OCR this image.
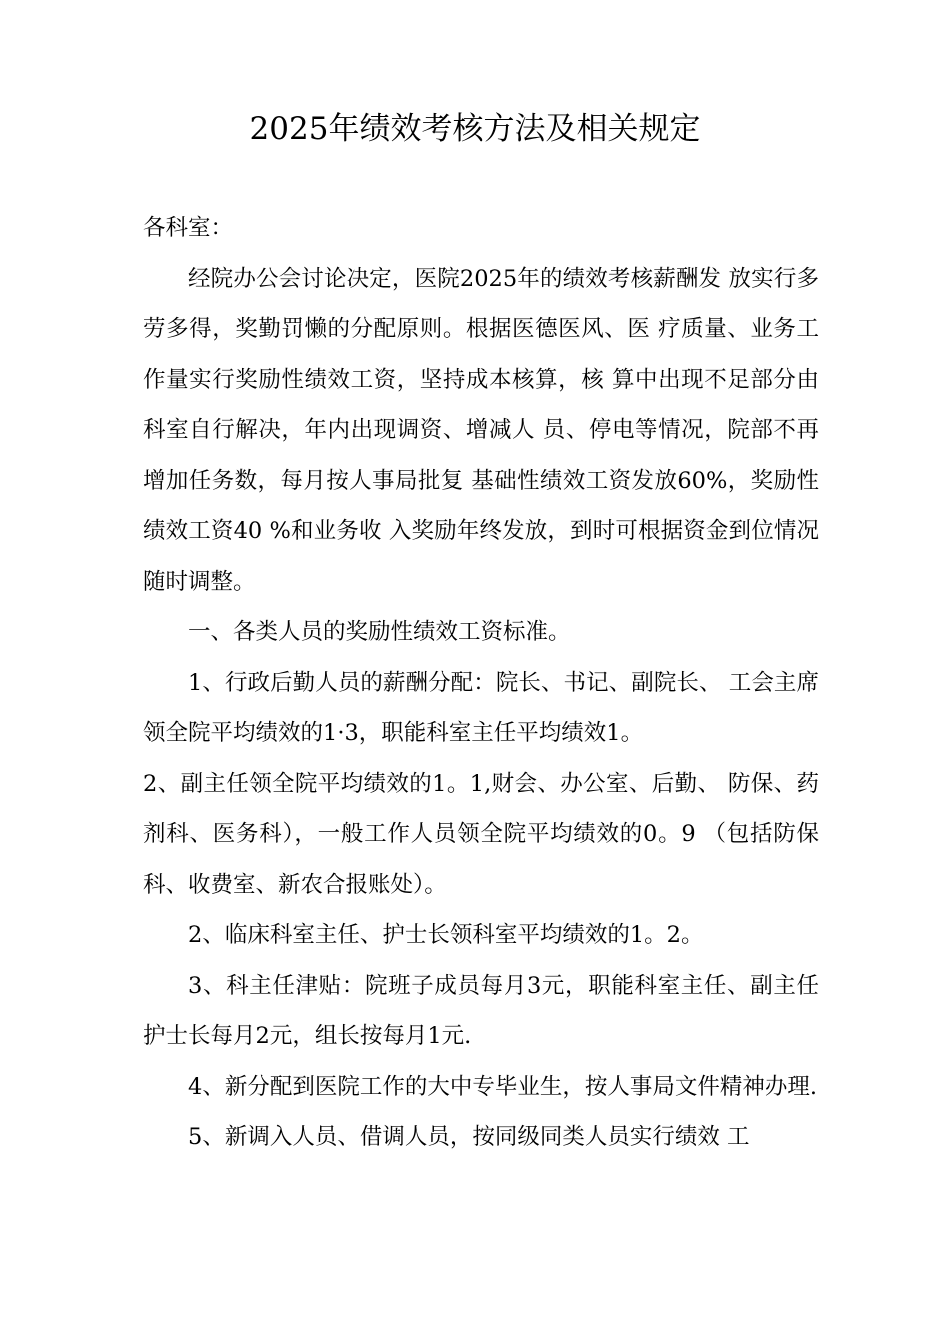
2025年绩效考核方法及相关规定

各科室：

经院办公会讨论决定，医院2025年的绩效考核薪酬发 放实行多劳多得，奖勤罚懒的分配原则。根据医德医风、医 疗质量、业务工作量实行奖励性绩效工资，坚持成本核算，核 算中出现不足部分由科室自行解决，年内出现调资、增减人 员、停电等情况，院部不再增加任务数，每月按人事局批复 基础性绩效工资发放60%，奖励性绩效工资40 %和业务收 入奖励年终发放，到时可根据资金到位情况随时调整。

一、各类人员的奖励性绩效工资标准。

1、行政后勤人员的薪酬分配：院长、书记、副院长、 工会主席领全院平均绩效的1·3，职能科室主任平均绩效1。

2、副主任领全院平均绩效的1。1,财会、办公室、后勤、 防保、药剂科、医务科），一般工作人员领全院平均绩效的0。9 （包括防保科、收费室、新农合报账处）。

2、临床科室主任、护士长领科室平均绩效的1。2。

3、科主任津贴：院班子成员每月3元，职能科室主任、副主任护士长每月2元，组长按每月1元.

4、新分配到医院工作的大中专毕业生，按人事局文件精神办理.

5、新调入人员、借调人员，按同级同类人员实行绩效 工
